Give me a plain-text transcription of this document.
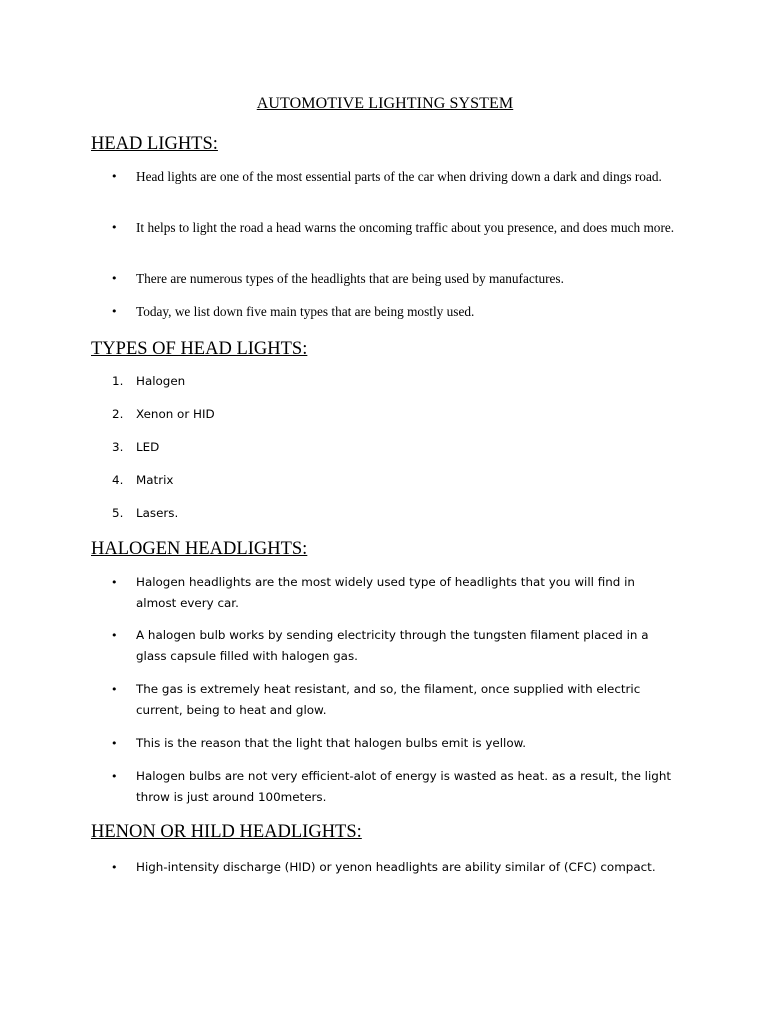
AUTOMOTIVE LIGHTING SYSTEM
HEAD LIGHTS:
•	Head lights are one of the most essential parts of the car when driving down a dark and dings road.
•	It helps to light the road a head warns the oncoming traffic about you presence, and does much more.
•	There are numerous types of the headlights that are being used by manufactures.
•	Today, we list down five main types that are being mostly used.
TYPES OF HEAD LIGHTS:
1.	Halogen
2.	Xenon or HID
3.	LED
4.	Matrix
5.	Lasers.
HALOGEN HEADLIGHTS:
•	Halogen headlights are the most widely used type of headlights that you will find in almost every car.
•	A halogen bulb works by sending electricity through the tungsten filament placed in a glass capsule filled with halogen gas.
•	The gas is extremely heat resistant, and so, the filament, once supplied with electric current, being to heat and glow.
•	This is the reason that the light that halogen bulbs emit is yellow.
•	Halogen bulbs are not very efficient-alot of energy is wasted as heat. as a result, the light throw is just around 100meters.
HENON OR HILD HEADLIGHTS:
•	High-intensity discharge (HID) or yenon headlights are ability similar of (CFC) compact.
